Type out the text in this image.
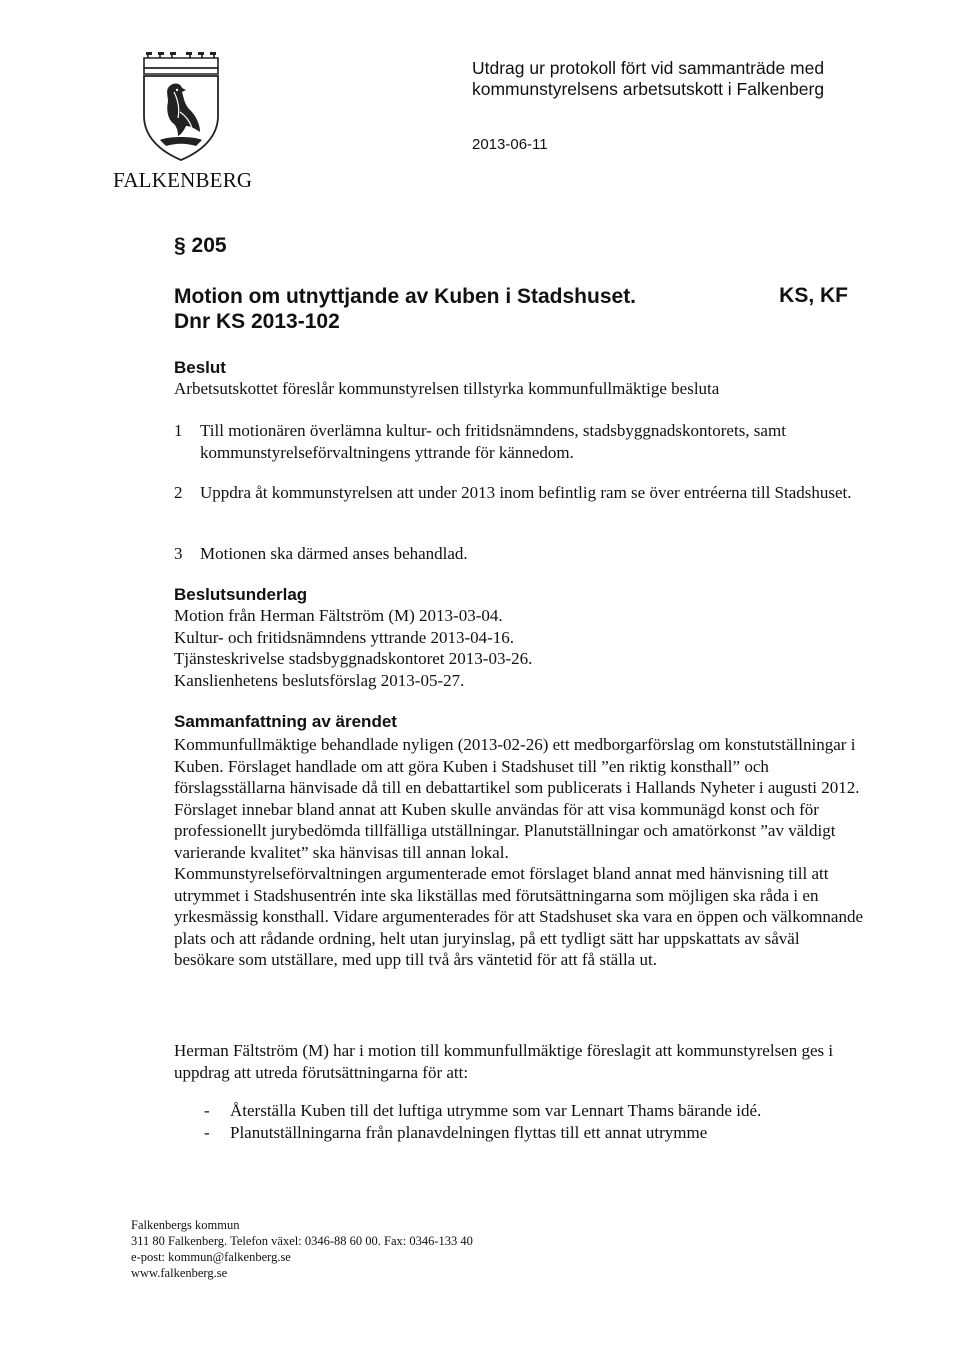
FALKENBERG
Utdrag ur protokoll fört vid sammanträde med
kommunstyrelsens arbetsutskott i Falkenberg
2013-06-11
§ 205
Motion om utnyttjande av Kuben i Stadshuset.
Dnr KS 2013-102
KS, KF
Beslut

Arbetsutskottet föreslår kommunstyrelsen tillstyrka kommunfullmäktige besluta

1	Till motionären överlämna kultur- och fritidsnämndens, stadsbyggnadskontorets, samt kommunstyrelseförvaltningens yttrande för kännedom.
2	Uppdra åt kommunstyrelsen att under 2013 inom befintlig ram se över entréerna till Stadshuset.
3	Motionen ska därmed anses behandlad.
Beslutsunderlag

Motion från Herman Fältström (M) 2013-03-04.

Kultur- och fritidsnämndens yttrande 2013-04-16.

Tjänsteskrivelse stadsbyggnadskontoret 2013-03-26.

Kanslienhetens beslutsförslag 2013-05-27.

Sammanfattning av ärendet

Kommunfullmäktige behandlade nyligen (2013-02-26) ett medborgarförslag om konstutställningar i Kuben. Förslaget handlade om att göra Kuben i Stadshuset till ”en riktig konsthall” och förslagsställarna hänvisade då till en debattartikel som publicerats i Hallands Nyheter i augusti 2012. Förslaget innebar bland annat att Kuben skulle användas för att visa kommunägd konst och för professionellt jurybedömda tillfälliga utställningar. Planutställningar och amatörkonst ”av väldigt varierande kvalitet” ska hänvisas till annan lokal.

Kommunstyrelseförvaltningen argumenterade emot förslaget bland annat med hänvisning till att utrymmet i Stadshusentrén inte ska likställas med förutsättningarna som möjligen ska råda i en yrkesmässig konsthall. Vidare argumenterades för att Stadshuset ska vara en öppen och välkomnande plats och att rådande ordning, helt utan juryinslag, på ett tydligt sätt har uppskattats av såväl besökare som utställare, med upp till två års väntetid för att få ställa ut.

Herman Fältström (M) har i motion till kommunfullmäktige föreslagit att kommunstyrelsen ges i uppdrag att utreda förutsättningarna för att:

-	Återställa Kuben till det luftiga utrymme som var Lennart Thams bärande idé.
-	Planutställningarna från planavdelningen flyttas till ett annat utrymme
Falkenbergs kommun
311 80 Falkenberg. Telefon växel: 0346-88 60 00. Fax: 0346-133 40
e-post: kommun@falkenberg.se
www.falkenberg.se
